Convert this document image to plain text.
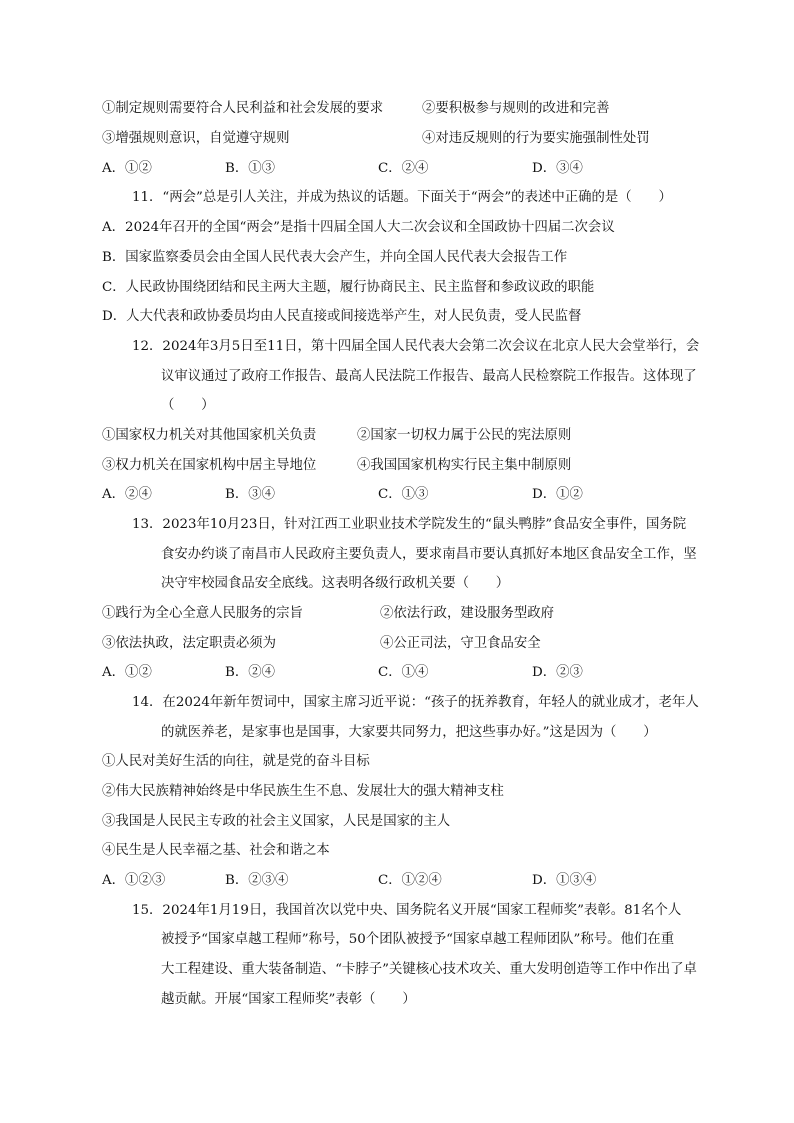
①制定规则需要符合人民利益和社会发展的要求	②要积极参与规则的改进和完善
③增强规则意识，自觉遵守规则	④对违反规则的行为要实施强制性处罚
A．①②	B．①③	C．②④	D．③④
11．“两会”总是引人关注，并成为热议的话题。下面关于“两会”的表述中正确的是（　　）
A．2024年召开的全国“两会”是指十四届全国人大二次会议和全国政协十四届二次会议
B．国家监察委员会由全国人民代表大会产生，并向全国人民代表大会报告工作
C．人民政协围绕团结和民主两大主题，履行协商民主、民主监督和参政议政的职能
D．人大代表和政协委员均由人民直接或间接选举产生，对人民负责，受人民监督
12．2024年3月5日至11日，第十四届全国人民代表大会第二次会议在北京人民大会堂举行，会
议审议通过了政府工作报告、最高人民法院工作报告、最高人民检察院工作报告。这体现了
（　　）
①国家权力机关对其他国家机关负责	②国家一切权力属于公民的宪法原则
③权力机关在国家机构中居主导地位	④我国国家机构实行民主集中制原则
A．②④	B．③④	C．①③	D．①②
13．2023年10月23日，针对江西工业职业技术学院发生的“鼠头鸭脖”食品安全事件，国务院
食安办约谈了南昌市人民政府主要负责人，要求南昌市要认真抓好本地区食品安全工作，坚
决守牢校园食品安全底线。这表明各级行政机关要（　　）
①践行为全心全意人民服务的宗旨	②依法行政，建设服务型政府
③依法执政，法定职责必须为	④公正司法，守卫食品安全
A．①②	B．②④	C．①④	D．②③
14．在2024年新年贺词中，国家主席习近平说：“孩子的抚养教育，年轻人的就业成才，老年人
的就医养老，是家事也是国事，大家要共同努力，把这些事办好。”这是因为（　　）
①人民对美好生活的向往，就是党的奋斗目标
②伟大民族精神始终是中华民族生生不息、发展壮大的强大精神支柱
③我国是人民民主专政的社会主义国家，人民是国家的主人
④民生是人民幸福之基、社会和谐之本
A．①②③	B．②③④	C．①②④	D．①③④
15．2024年1月19日，我国首次以党中央、国务院名义开展“国家工程师奖”表彰。81名个人
被授予“国家卓越工程师”称号，50个团队被授予“国家卓越工程师团队”称号。他们在重
大工程建设、重大装备制造、“卡脖子”关键核心技术攻关、重大发明创造等工作中作出了卓
越贡献。开展“国家工程师奖”表彰（　　）
